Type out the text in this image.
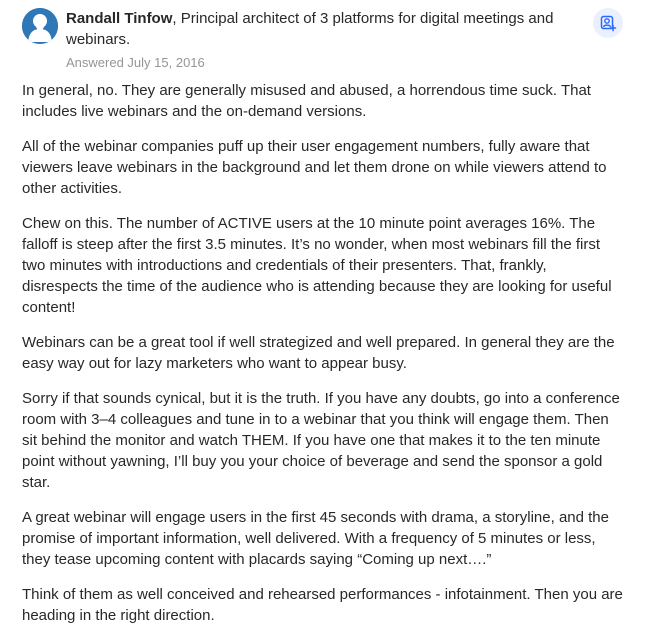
Randall Tinfow, Principal architect of 3 platforms for digital meetings and webinars.
Answered July 15, 2016

In general, no. They are generally misused and abused, a horrendous time suck. That includes live webinars and the on-demand versions.

All of the webinar companies puff up their user engagement numbers, fully aware that viewers leave webinars in the background and let them drone on while viewers attend to other activities.

Chew on this. The number of ACTIVE users at the 10 minute point averages 16%. The falloff is steep after the first 3.5 minutes. It’s no wonder, when most webinars fill the first two minutes with introductions and credentials of their presenters. That, frankly, disrespects the time of the audience who is attending because they are looking for useful content!

Webinars can be a great tool if well strategized and well prepared. In general they are the easy way out for lazy marketers who want to appear busy.

Sorry if that sounds cynical, but it is the truth. If you have any doubts, go into a conference room with 3–4 colleagues and tune in to a webinar that you think will engage them. Then sit behind the monitor and watch THEM. If you have one that makes it to the ten minute point without yawning, I’ll buy you your choice of beverage and send the sponsor a gold star.

A great webinar will engage users in the first 45 seconds with drama, a storyline, and the promise of important information, well delivered. With a frequency of 5 minutes or less, they tease upcoming content with placards saying “Coming up next….”

Think of them as well conceived and rehearsed performances - infotainment. Then you are heading in the right direction.
